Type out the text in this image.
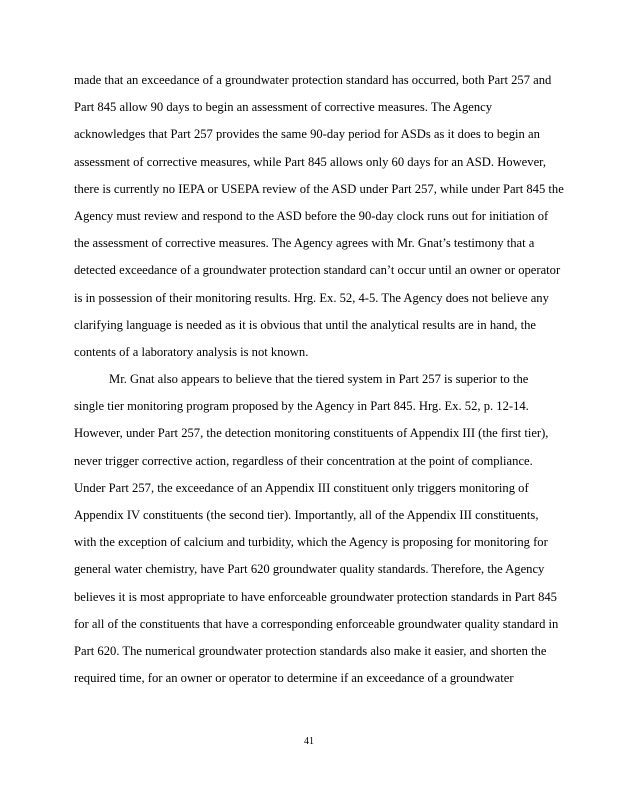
made that an exceedance of a groundwater protection standard has occurred, both Part 257 and
Part 845 allow 90 days to begin an assessment of corrective measures. The Agency
acknowledges that Part 257 provides the same 90-day period for ASDs as it does to begin an
assessment of corrective measures, while Part 845 allows only 60 days for an ASD. However,
there is currently no IEPA or USEPA review of the ASD under Part 257, while under Part 845 the
Agency must review and respond to the ASD before the 90-day clock runs out for initiation of
the assessment of corrective measures. The Agency agrees with Mr. Gnat’s testimony that a
detected exceedance of a groundwater protection standard can’t occur until an owner or operator
is in possession of their monitoring results. Hrg. Ex. 52, 4-5. The Agency does not believe any
clarifying language is needed as it is obvious that until the analytical results are in hand, the
contents of a laboratory analysis is not known.
Mr. Gnat also appears to believe that the tiered system in Part 257 is superior to the
single tier monitoring program proposed by the Agency in Part 845. Hrg. Ex. 52, p. 12-14.
However, under Part 257, the detection monitoring constituents of Appendix III (the first tier),
never trigger corrective action, regardless of their concentration at the point of compliance.
Under Part 257, the exceedance of an Appendix III constituent only triggers monitoring of
Appendix IV constituents (the second tier). Importantly, all of the Appendix III constituents,
with the exception of calcium and turbidity, which the Agency is proposing for monitoring for
general water chemistry, have Part 620 groundwater quality standards. Therefore, the Agency
believes it is most appropriate to have enforceable groundwater protection standards in Part 845
for all of the constituents that have a corresponding enforceable groundwater quality standard in
Part 620. The numerical groundwater protection standards also make it easier, and shorten the
required time, for an owner or operator to determine if an exceedance of a groundwater
41
